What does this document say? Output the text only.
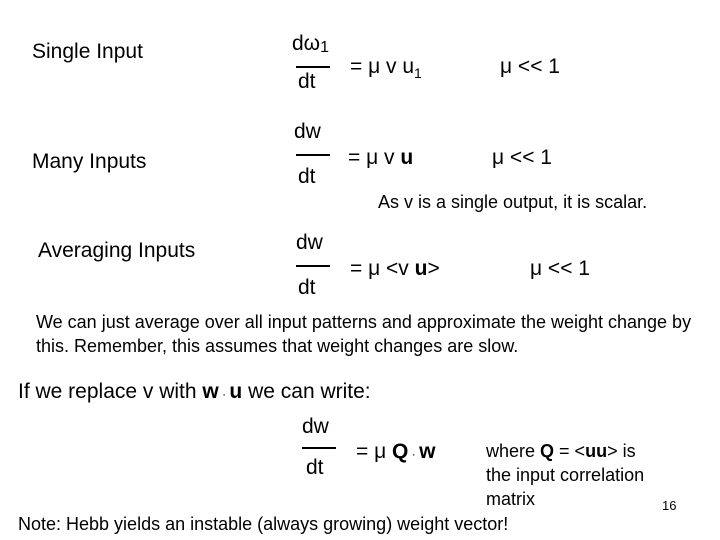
Single Input	dω1
dt
= μ v $u_1$	μ << 1
Many Inputs
dw
dt
= μ v u	μ << 1
As v is a single output, it is scalar.
Averaging Inputs	dw
dt
= μ <v u>	μ << 1
We can just average over all input patterns and approximate the weight change by this. Remember, this assumes that weight changes are slow.
If we replace v with w · u we can write:
dw
dt
= μ Q · w	where Q = <uu> is
the input correlation
matrix	16
Note: Hebb yields an instable (always growing) weight vector!
